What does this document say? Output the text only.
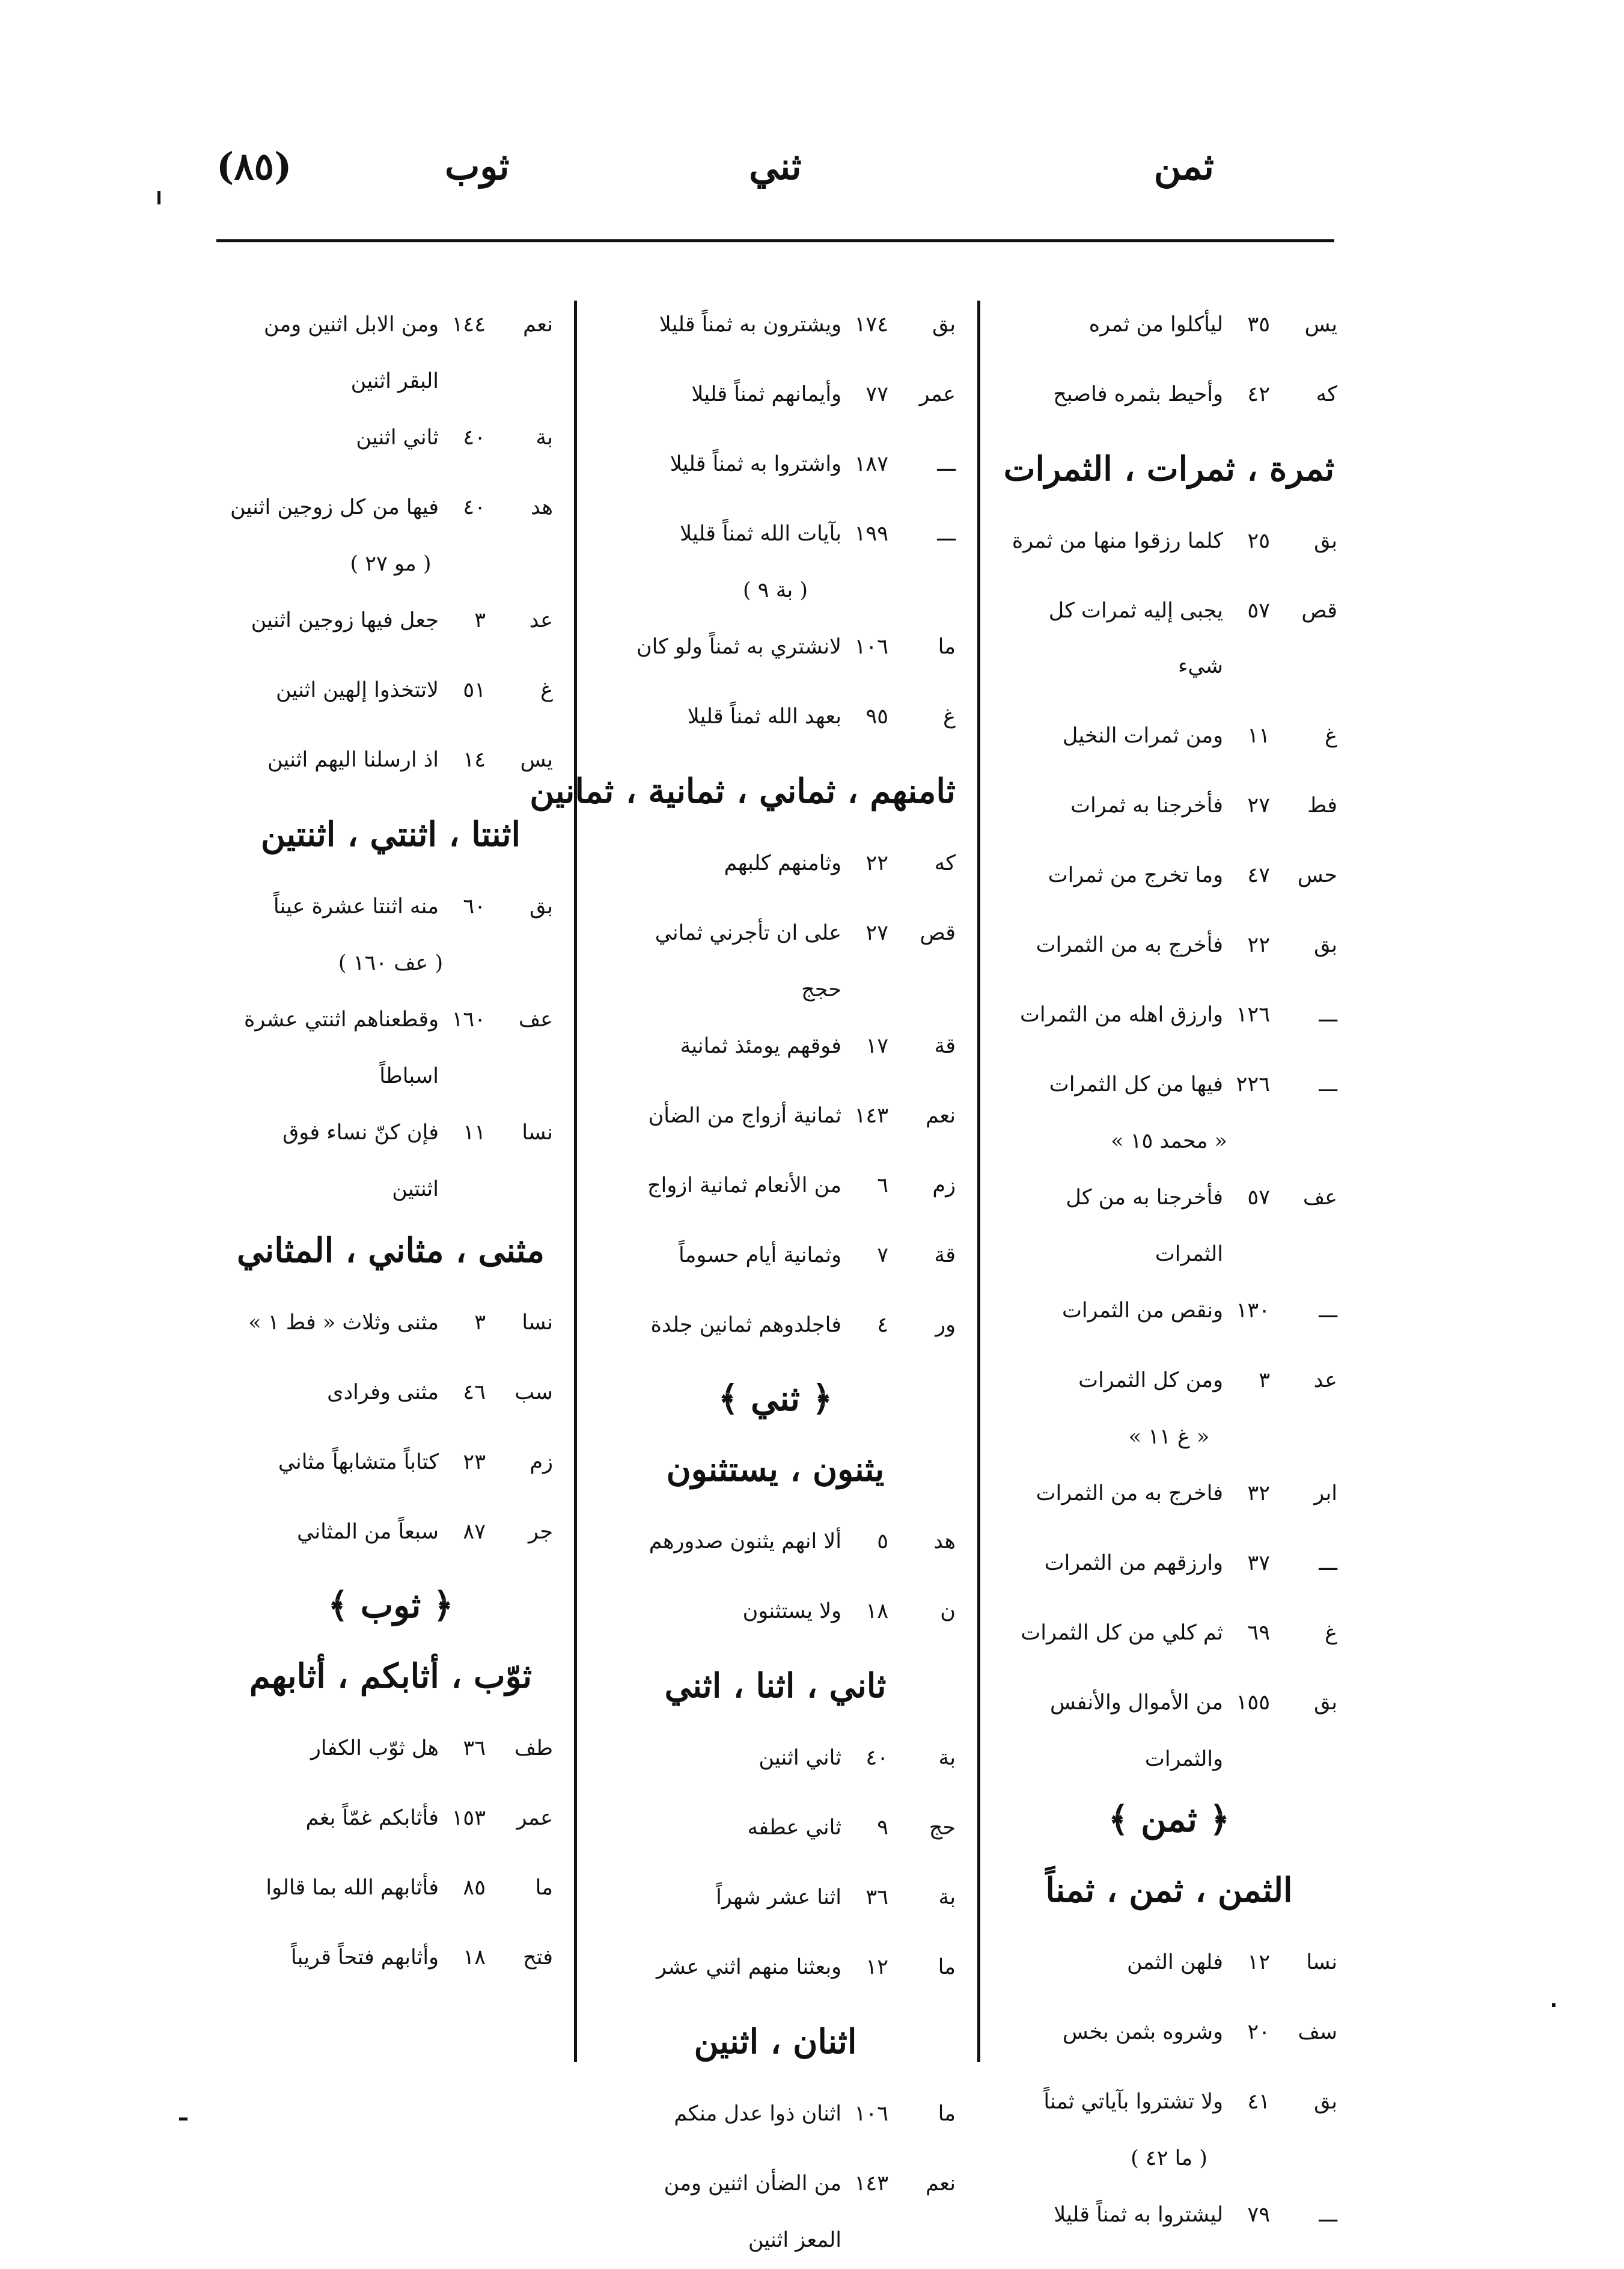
ثمن
ثني
ثوب
(٨٥)
يس
٣٥
ليأكلوا من ثمره
كه
٤٢
وأحيط بثمره فاصبح
ثمرة ، ثمرات ، الثمرات
بق
٢٥
كلما رزقوا منها من ثمرة
قص
٥٧
يجبى إليه ثمرات كل شيء
غ
١١
ومن ثمرات النخيل
فط
٢٧
فأخرجنا به ثمرات
حس
٤٧
وما تخرج من ثمرات
بق
٢٢
فأخرج به من الثمرات
ـــ
١٢٦
وارزق اهله من الثمرات
ـــ
٢٢٦
فيها من كل الثمرات
« محمد ١٥ »
عف
٥٧
فأخرجنا به من كل
الثمرات
ـــ
١٣٠
ونقص من الثمرات
عد
٣
ومن كل الثمرات
« غ ١١ »
ابر
٣٢
فاخرج به من الثمرات
ـــ
٣٧
وارزقهم من الثمرات
غ
٦٩
ثم كلي من كل الثمرات
بق
١٥٥
من الأموال والأنفس
والثمرات
﴿ ثمن ﴾
الثمن ، ثمن ، ثمناً
نسا
١٢
فلهن الثمن
سف
٢٠
وشروه بثمن بخس
بق
٤١
ولا تشتروا بآياتي ثمناً
( ما ٤٢ )
ـــ
٧٩
ليشتروا به ثمناً قليلا
بق
١٧٤
ويشترون به ثمناً قليلا
عمر
٧٧
وأيمانهم ثمناً قليلا
ـــ
١٨٧
واشتروا به ثمناً قليلا
ـــ
١٩٩
بآيات الله ثمناً قليلا
( بة ٩ )
ما
١٠٦
لانشتري به ثمناً ولو كان
غ
٩٥
بعهد الله ثمناً قليلا
ثامنهم ، ثماني ، ثمانية ، ثمانين
كه
٢٢
وثامنهم كلبهم
قص
٢٧
على ان تأجرني ثماني
حجج
قة
١٧
فوقهم يومئذ ثمانية
نعم
١٤٣
ثمانية أزواج من الضأن
زم
٦
من الأنعام ثمانية ازواج
قة
٧
وثمانية أيام حسوماً
ور
٤
فاجلدوهم ثمانين جلدة
﴿ ثني ﴾
يثنون ، يستثنون
هد
٥
ألا انهم يثنون صدورهم
ن
١٨
ولا يستثنون
ثاني ، اثنا ، اثني
بة
٤٠
ثاني اثنين
حج
٩
ثاني عطفه
بة
٣٦
اثنا عشر شهراً
ما
١٢
وبعثنا منهم اثني عشر
اثنان ، اثنين
ما
١٠٦
اثنان ذوا عدل منكم
نعم
١٤٣
من الضأن اثنين ومن
المعز اثنين
نعم
١٤٤
ومن الابل اثنين ومن
البقر اثنين
بة
٤٠
ثاني اثنين
هد
٤٠
فيها من كل زوجين اثنين
( مو ٢٧ )
عد
٣
جعل فيها زوجين اثنين
غ
٥١
لاتتخذوا إلهين اثنين
يس
١٤
اذ ارسلنا اليهم اثنين
اثنتا ، اثنتي ، اثنتين
بق
٦٠
منه اثنتا عشرة عيناً
( عف ١٦٠ )
عف
١٦٠
وقطعناهم اثنتي عشرة
اسباطاً
نسا
١١
فإن كنّ نساء فوق
اثنتين
مثنى ، مثاني ، المثاني
نسا
٣
مثنى وثلاث « فط ١ »
سب
٤٦
مثنى وفرادى
زم
٢٣
كتاباً متشابهاً مثاني
جر
٨٧
سبعاً من المثاني
﴿ ثوب ﴾
ثوّب ، أثابكم ، أثابهم
طف
٣٦
هل ثوّب الكفار
عمر
١٥٣
فأثابكم غمّاً بغم
ما
٨٥
فأثابهم الله بما قالوا
فتح
١٨
وأثابهم فتحاً قريباً
